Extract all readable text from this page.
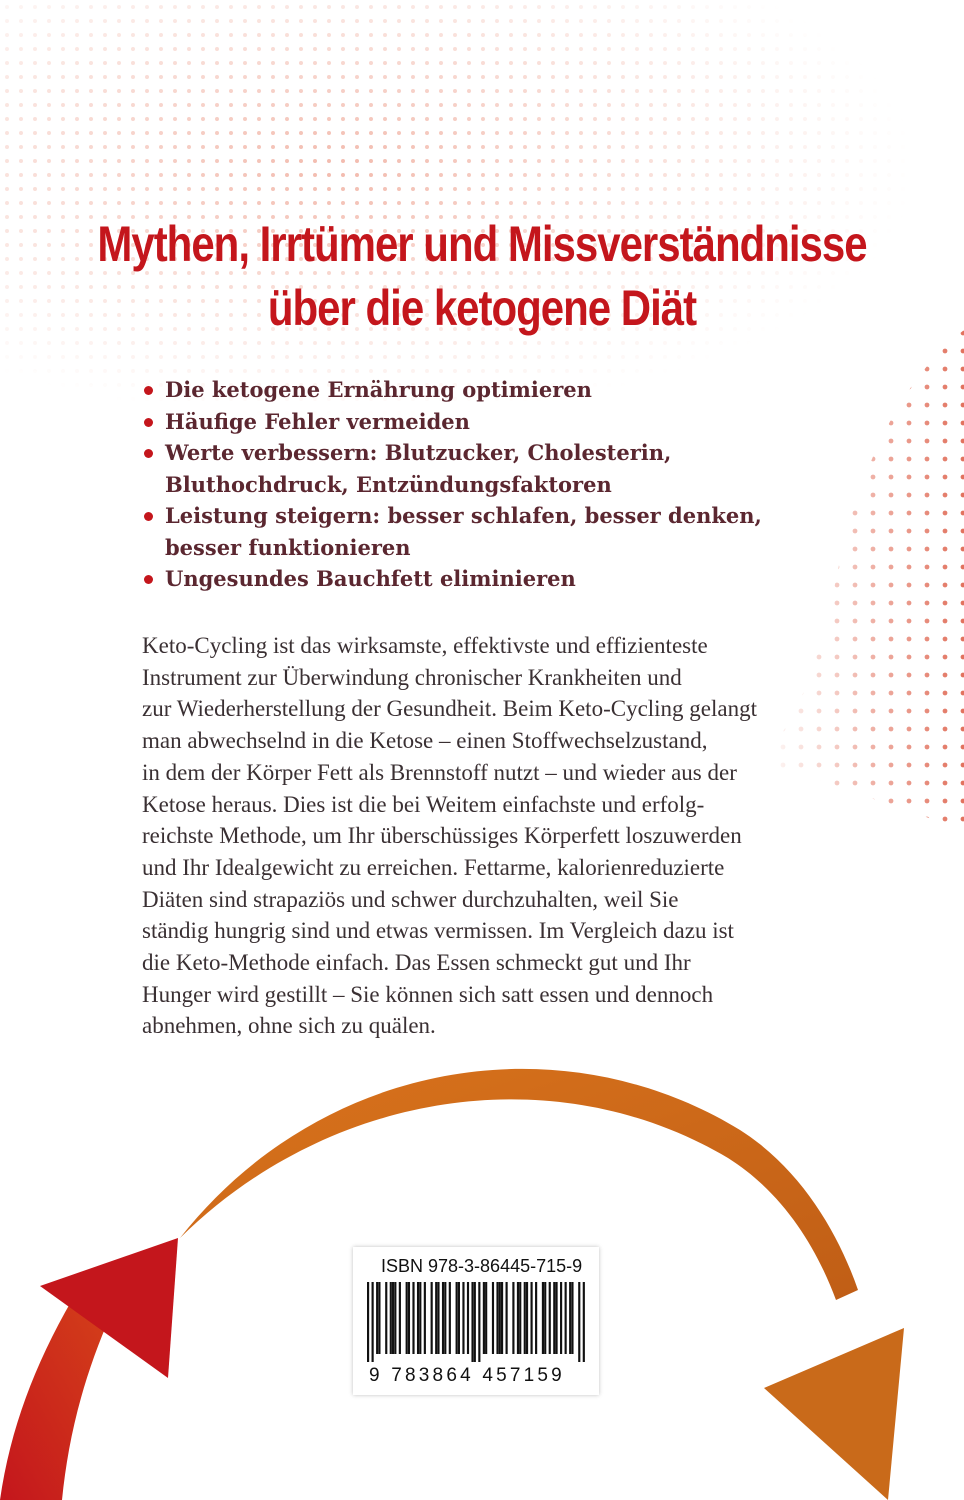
Mythen, Irrtümer und Missverständnisse
über die ketogene Diät
Die ketogene Ernährung optimieren
Häufige Fehler vermeiden
Werte verbessern: Blutzucker, Cholesterin,
Bluthochdruck, Entzündungsfaktoren
Leistung steigern: besser schlafen, besser denken,
besser funktionieren
Ungesundes Bauchfett eliminieren

Keto-Cycling ist das wirksamste, effektivste und effizienteste
Instrument zur Überwindung chronischer Krankheiten und
zur Wiederherstellung der Gesundheit. Beim Keto-Cycling gelangt
man abwechselnd in die Ketose – einen Stoffwechselzustand,
in dem der Körper Fett als Brennstoff nutzt – und wieder aus der
Ketose heraus. Dies ist die bei Weitem einfachste und erfolg-
reichste Methode, um Ihr überschüssiges Körperfett loszuwerden
und Ihr Idealgewicht zu erreichen. Fettarme, kalorienreduzierte
Diäten sind strapaziös und schwer durchzuhalten, weil Sie
ständig hungrig sind und etwas vermissen. Im Vergleich dazu ist
die Keto-Methode einfach. Das Essen schmeckt gut und Ihr
Hunger wird gestillt – Sie können sich satt essen und dennoch
abnehmen, ohne sich zu quälen.

ISBN 978-3-86445-715-9

9 783864 457159
